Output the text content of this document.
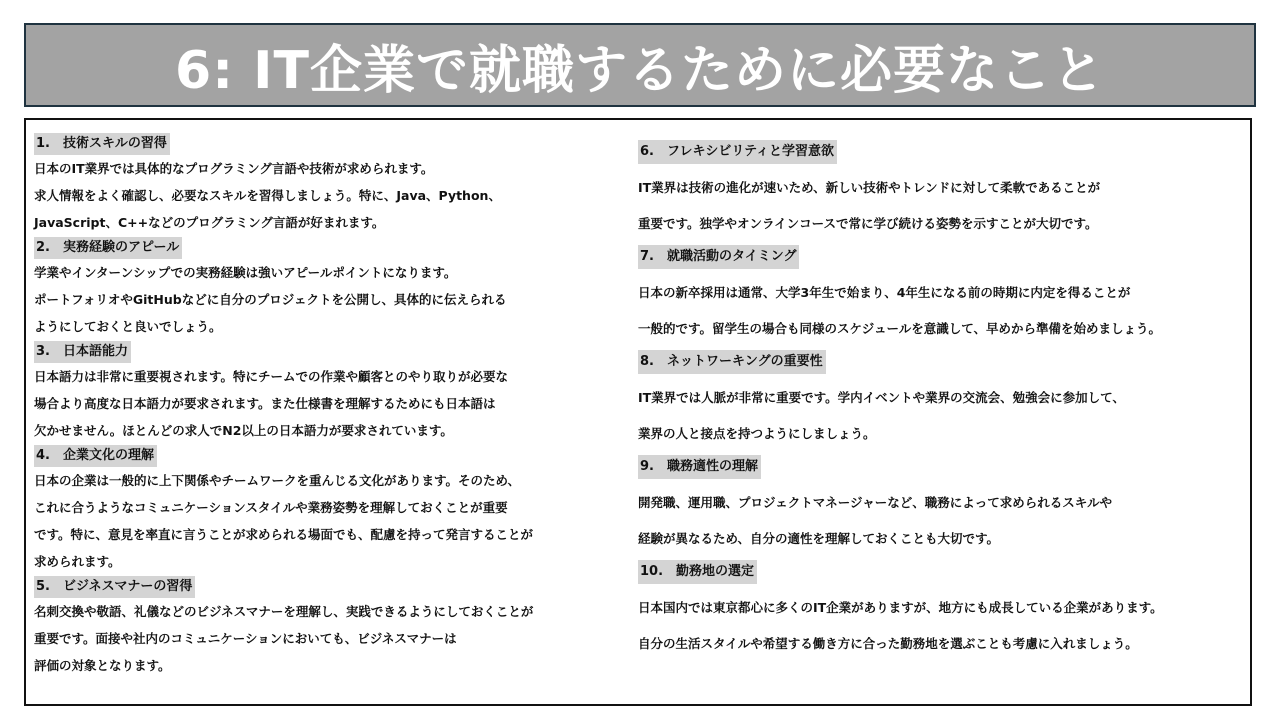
6: IT企業で就職するために必要なこと
1.　技術スキルの習得
日本のIT業界では具体的なプログラミング言語や技術が求められます。
求人情報をよく確認し、必要なスキルを習得しましょう。特に、Java、Python、
JavaScript、C++などのプログラミング言語が好まれます。
2.　実務経験のアピール
学業やインターンシップでの実務経験は強いアピールポイントになります。
ポートフォリオやGitHubなどに自分のプロジェクトを公開し、具体的に伝えられる
ようにしておくと良いでしょう。
3.　日本語能力
日本語力は非常に重要視されます。特にチームでの作業や顧客とのやり取りが必要な
場合より高度な日本語力が要求されます。また仕様書を理解するためにも日本語は
欠かせません。ほとんどの求人でN2以上の日本語力が要求されています。
4.　企業文化の理解
日本の企業は一般的に上下関係やチームワークを重んじる文化があります。そのため、
これに合うようなコミュニケーションスタイルや業務姿勢を理解しておくことが重要
です。特に、意見を率直に言うことが求められる場面でも、配慮を持って発言することが
求められます。
5.　ビジネスマナーの習得
名刺交換や敬語、礼儀などのビジネスマナーを理解し、実践できるようにしておくことが
重要です。面接や社内のコミュニケーションにおいても、ビジネスマナーは
評価の対象となります。
6.　フレキシビリティと学習意欲
IT業界は技術の進化が速いため、新しい技術やトレンドに対して柔軟であることが
重要です。独学やオンラインコースで常に学び続ける姿勢を示すことが大切です。
7.　就職活動のタイミング
日本の新卒採用は通常、大学3年生で始まり、4年生になる前の時期に内定を得ることが
一般的です。留学生の場合も同様のスケジュールを意識して、早めから準備を始めましょう。
8.　ネットワーキングの重要性
IT業界では人脈が非常に重要です。学内イベントや業界の交流会、勉強会に参加して、
業界の人と接点を持つようにしましょう。
9.　職務適性の理解
開発職、運用職、プロジェクトマネージャーなど、職務によって求められるスキルや
経験が異なるため、自分の適性を理解しておくことも大切です。
10.　勤務地の選定
日本国内では東京都心に多くのIT企業がありますが、地方にも成長している企業があります。
自分の生活スタイルや希望する働き方に合った勤務地を選ぶことも考慮に入れましょう。
